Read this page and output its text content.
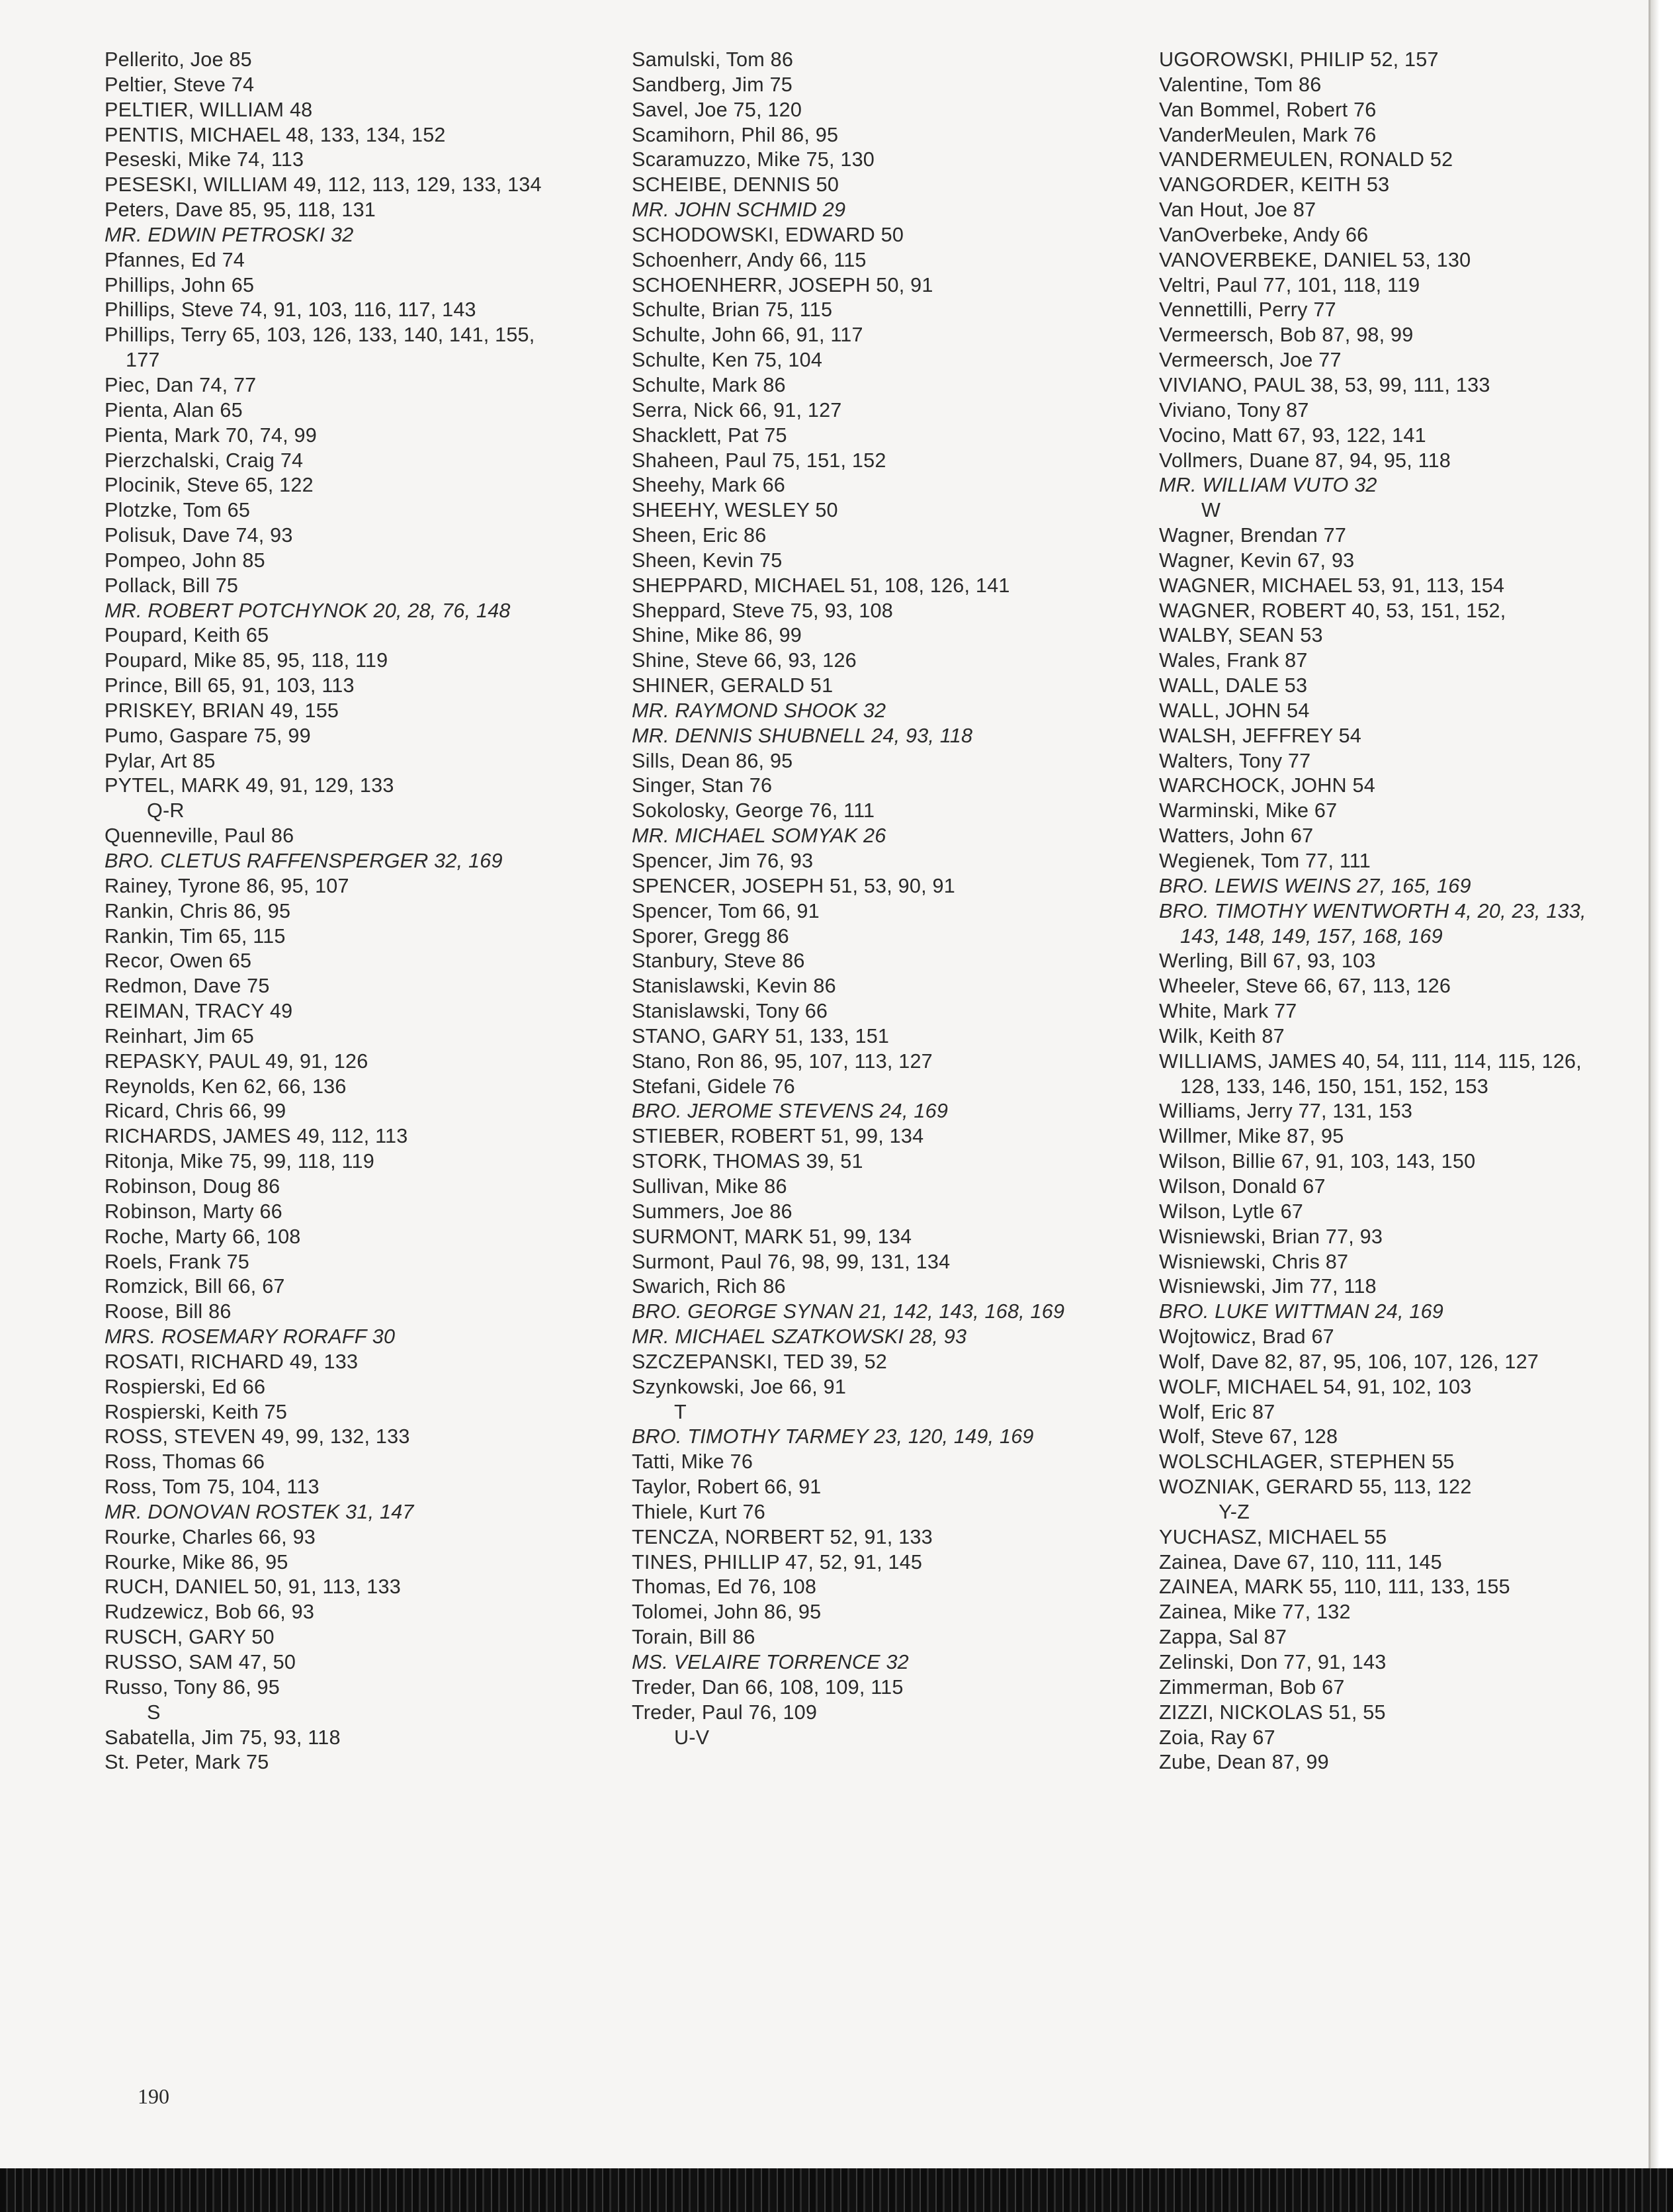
Pellerito, Joe 85
Peltier, Steve 74
PELTIER, WILLIAM 48
PENTIS, MICHAEL 48, 133, 134, 152
Peseski, Mike 74, 113
PESESKI, WILLIAM 49, 112, 113, 129, 133, 134
Peters, Dave 85, 95, 118, 131
MR. EDWIN PETROSKI 32
Pfannes, Ed 74
Phillips, John 65
Phillips, Steve 74, 91, 103, 116, 117, 143
Phillips, Terry 65, 103, 126, 133, 140, 141, 155, 177
Piec, Dan 74, 77
Pienta, Alan 65
Pienta, Mark 70, 74, 99
Pierzchalski, Craig 74
Plocinik, Steve 65, 122
Plotzke, Tom 65
Polisuk, Dave 74, 93
Pompeo, John 85
Pollack, Bill 75
MR. ROBERT POTCHYNOK 20, 28, 76, 148
Poupard, Keith 65
Poupard, Mike 85, 95, 118, 119
Prince, Bill 65, 91, 103, 113
PRISKEY, BRIAN 49, 155
Pumo, Gaspare 75, 99
Pylar, Art 85
PYTEL, MARK 49, 91, 129, 133
Q-R
Quenneville, Paul 86
BRO. CLETUS RAFFENSPERGER 32, 169
Rainey, Tyrone 86, 95, 107
Rankin, Chris 86, 95
Rankin, Tim 65, 115
Recor, Owen 65
Redmon, Dave 75
REIMAN, TRACY 49
Reinhart, Jim 65
REPASKY, PAUL 49, 91, 126
Reynolds, Ken 62, 66, 136
Ricard, Chris 66, 99
RICHARDS, JAMES 49, 112, 113
Ritonja, Mike 75, 99, 118, 119
Robinson, Doug 86
Robinson, Marty 66
Roche, Marty 66, 108
Roels, Frank 75
Romzick, Bill 66, 67
Roose, Bill 86
MRS. ROSEMARY RORAFF 30
ROSATI, RICHARD 49, 133
Rospierski, Ed 66
Rospierski, Keith 75
ROSS, STEVEN 49, 99, 132, 133
Ross, Thomas 66
Ross, Tom 75, 104, 113
MR. DONOVAN ROSTEK 31, 147
Rourke, Charles 66, 93
Rourke, Mike 86, 95
RUCH, DANIEL 50, 91, 113, 133
Rudzewicz, Bob 66, 93
RUSCH, GARY 50
RUSSO, SAM 47, 50
Russo, Tony 86, 95
S
Sabatella, Jim 75, 93, 118
St. Peter, Mark 75
Samulski, Tom 86
Sandberg, Jim 75
Savel, Joe 75, 120
Scamihorn, Phil 86, 95
Scaramuzzo, Mike 75, 130
SCHEIBE, DENNIS 50
MR. JOHN SCHMID 29
SCHODOWSKI, EDWARD 50
Schoenherr, Andy 66, 115
SCHOENHERR, JOSEPH 50, 91
Schulte, Brian 75, 115
Schulte, John 66, 91, 117
Schulte, Ken 75, 104
Schulte, Mark 86
Serra, Nick 66, 91, 127
Shacklett, Pat 75
Shaheen, Paul 75, 151, 152
Sheehy, Mark 66
SHEEHY, WESLEY 50
Sheen, Eric 86
Sheen, Kevin 75
SHEPPARD, MICHAEL 51, 108, 126, 141
Sheppard, Steve 75, 93, 108
Shine, Mike 86, 99
Shine, Steve 66, 93, 126
SHINER, GERALD 51
MR. RAYMOND SHOOK 32
MR. DENNIS SHUBNELL 24, 93, 118
Sills, Dean 86, 95
Singer, Stan 76
Sokolosky, George 76, 111
MR. MICHAEL SOMYAK 26
Spencer, Jim 76, 93
SPENCER, JOSEPH 51, 53, 90, 91
Spencer, Tom 66, 91
Sporer, Gregg 86
Stanbury, Steve 86
Stanislawski, Kevin 86
Stanislawski, Tony 66
STANO, GARY 51, 133, 151
Stano, Ron 86, 95, 107, 113, 127
Stefani, Gidele 76
BRO. JEROME STEVENS 24, 169
STIEBER, ROBERT 51, 99, 134
STORK, THOMAS 39, 51
Sullivan, Mike 86
Summers, Joe 86
SURMONT, MARK 51, 99, 134
Surmont, Paul 76, 98, 99, 131, 134
Swarich, Rich 86
BRO. GEORGE SYNAN 21, 142, 143, 168, 169
MR. MICHAEL SZATKOWSKI 28, 93
SZCZEPANSKI, TED 39, 52
Szynkowski, Joe 66, 91
T
BRO. TIMOTHY TARMEY 23, 120, 149, 169
Tatti, Mike 76
Taylor, Robert 66, 91
Thiele, Kurt 76
TENCZA, NORBERT 52, 91, 133
TINES, PHILLIP 47, 52, 91, 145
Thomas, Ed 76, 108
Tolomei, John 86, 95
Torain, Bill 86
MS. VELAIRE TORRENCE 32
Treder, Dan 66, 108, 109, 115
Treder, Paul 76, 109
U-V
UGOROWSKI, PHILIP 52, 157
Valentine, Tom 86
Van Bommel, Robert 76
VanderMeulen, Mark 76
VANDERMEULEN, RONALD 52
VANGORDER, KEITH 53
Van Hout, Joe 87
VanOverbeke, Andy 66
VANOVERBEKE, DANIEL 53, 130
Veltri, Paul 77, 101, 118, 119
Vennettilli, Perry 77
Vermeersch, Bob 87, 98, 99
Vermeersch, Joe 77
VIVIANO, PAUL 38, 53, 99, 111, 133
Viviano, Tony 87
Vocino, Matt 67, 93, 122, 141
Vollmers, Duane 87, 94, 95, 118
MR. WILLIAM VUTO 32
W
Wagner, Brendan 77
Wagner, Kevin 67, 93
WAGNER, MICHAEL 53, 91, 113, 154
WAGNER, ROBERT 40, 53, 151, 152,
WALBY, SEAN 53
Wales, Frank 87
WALL, DALE 53
WALL, JOHN 54
WALSH, JEFFREY 54
Walters, Tony 77
WARCHOCK, JOHN 54
Warminski, Mike 67
Watters, John 67
Wegienek, Tom 77, 111
BRO. LEWIS WEINS 27, 165, 169
BRO. TIMOTHY WENTWORTH 4, 20, 23, 133, 143, 148, 149, 157, 168, 169
Werling, Bill 67, 93, 103
Wheeler, Steve 66, 67, 113, 126
White, Mark 77
Wilk, Keith 87
WILLIAMS, JAMES 40, 54, 111, 114, 115, 126, 128, 133, 146, 150, 151, 152, 153
Williams, Jerry 77, 131, 153
Willmer, Mike 87, 95
Wilson, Billie 67, 91, 103, 143, 150
Wilson, Donald 67
Wilson, Lytle 67
Wisniewski, Brian 77, 93
Wisniewski, Chris 87
Wisniewski, Jim 77, 118
BRO. LUKE WITTMAN 24, 169
Wojtowicz, Brad 67
Wolf, Dave 82, 87, 95, 106, 107, 126, 127
WOLF, MICHAEL 54, 91, 102, 103
Wolf, Eric 87
Wolf, Steve 67, 128
WOLSCHLAGER, STEPHEN 55
WOZNIAK, GERARD 55, 113, 122
Y-Z
YUCHASZ, MICHAEL 55
Zainea, Dave 67, 110, 111, 145
ZAINEA, MARK 55, 110, 111, 133, 155
Zainea, Mike 77, 132
Zappa, Sal 87
Zelinski, Don 77, 91, 143
Zimmerman, Bob 67
ZIZZI, NICKOLAS 51, 55
Zoia, Ray 67
Zube, Dean 87, 99
190
